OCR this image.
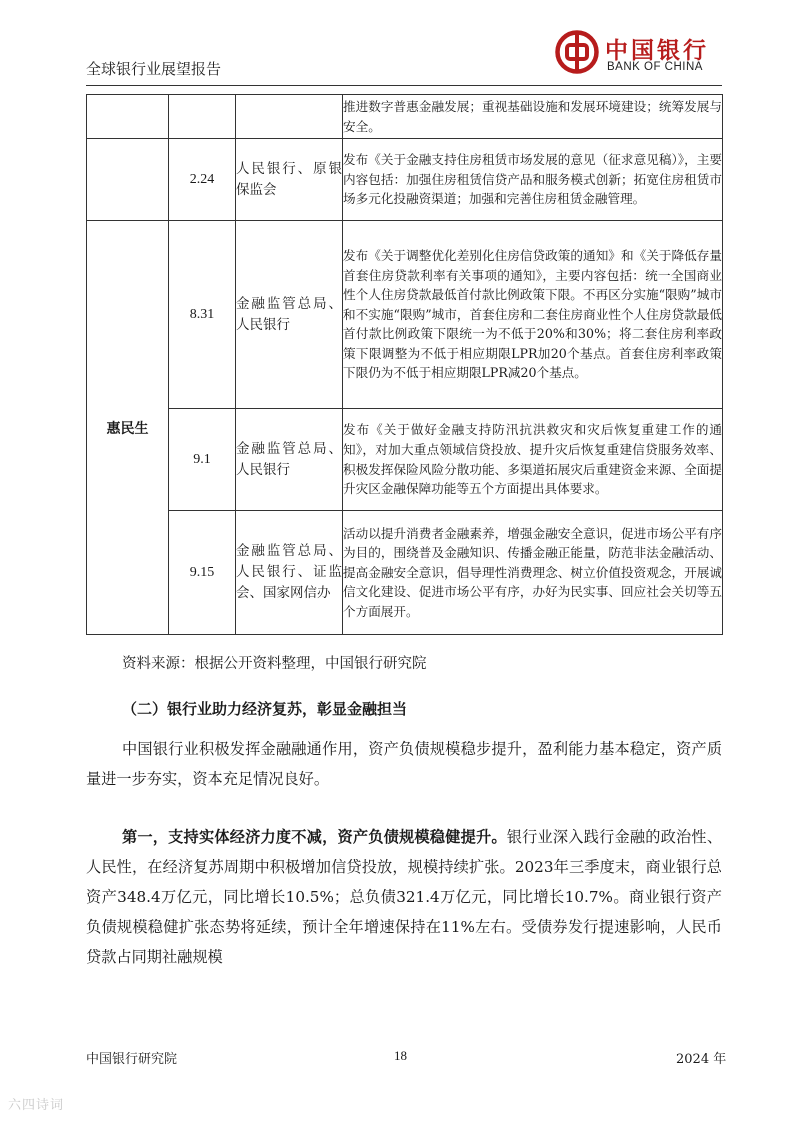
全球银行业展望报告
中国银行
BANK OF CHINA
			推进数字普惠金融发展；重视基础设施和发展环境建设；统筹发展与安全。
	2.24	人民银行、原银保监会	发布《关于金融支持住房租赁市场发展的意见（征求意见稿）》，主要内容包括：加强住房租赁信贷产品和服务模式创新；拓宽住房租赁市场多元化投融资渠道；加强和完善住房租赁金融管理。
惠民生	8.31	金融监管总局、人民银行	发布《关于调整优化差别化住房信贷政策的通知》和《关于降低存量首套住房贷款利率有关事项的通知》，主要内容包括：统一全国商业性个人住房贷款最低首付款比例政策下限。不再区分实施“限购”城市和不实施“限购”城市，首套住房和二套住房商业性个人住房贷款最低首付款比例政策下限统一为不低于20%和30%；将二套住房利率政策下限调整为不低于相应期限LPR加20个基点。首套住房利率政策下限仍为不低于相应期限LPR减20个基点。
	9.1	金融监管总局、人民银行	发布《关于做好金融支持防汛抗洪救灾和灾后恢复重建工作的通知》，对加大重点领域信贷投放、提升灾后恢复重建信贷服务效率、积极发挥保险风险分散功能、多渠道拓展灾后重建资金来源、全面提升灾区金融保障功能等五个方面提出具体要求。
	9.15	金融监管总局、人民银行、证监会、国家网信办	活动以提升消费者金融素养，增强金融安全意识，促进市场公平有序为目的，围绕普及金融知识、传播金融正能量，防范非法金融活动、提高金融安全意识，倡导理性消费理念、树立价值投资观念，开展诚信文化建设、促进市场公平有序，办好为民实事、回应社会关切等五个方面展开。
资料来源：根据公开资料整理，中国银行研究院
（二）银行业助力经济复苏，彰显金融担当

中国银行业积极发挥金融融通作用，资产负债规模稳步提升，盈利能力基本稳定，资产质量进一步夯实，资本充足情况良好。

第一，支持实体经济力度不减，资产负债规模稳健提升。银行业深入践行金融的政治性、人民性，在经济复苏周期中积极增加信贷投放，规模持续扩张。2023年三季度末，商业银行总资产348.4万亿元，同比增长10.5%；总负债321.4万亿元，同比增长10.7%。商业银行资产负债规模稳健扩张态势将延续，预计全年增速保持在11%左右。受债券发行提速影响，人民币贷款占同期社融规模

中国银行研究院	18	2024 年
六四诗词
